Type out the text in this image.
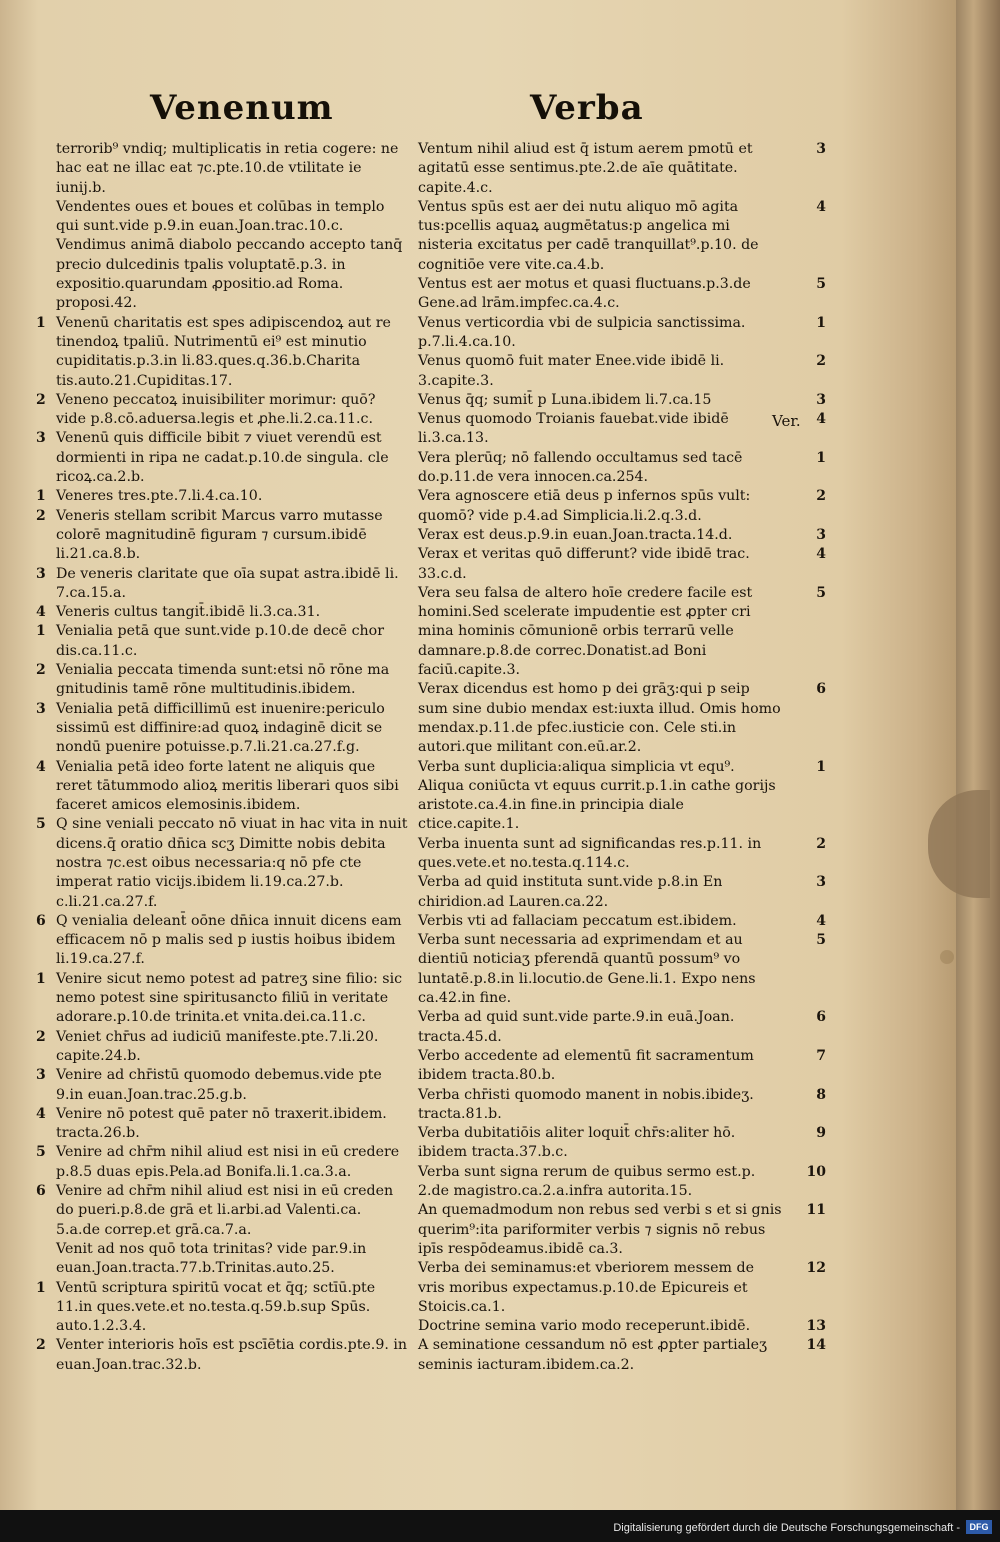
Venenum	Verba
terrorib⁹ vndiq; multiplicatis in retia cogere: ne hac eat ne illac eat ⁊c.pte.10.de vtilitate ie iunij.b.
Vendentes oues et boues et colūbas in templo qui sunt.vide p.9.in euan.Joan.trac.10.c.
Vendimus animā diabolo peccando accepto tanq̄ precio dulcedinis tpalis voluptatē.p.3. in expositio.quarundam ꝓpositio.ad Roma. proposi.42.
1 Venenū charitatis est spes adipiscendoꝝ aut re tinendoꝝ tpaliū. Nutrimentū ei⁹ est minutio cupiditatis.p.3.in li.83.ques.q.36.b.Charita tis.auto.21.Cupiditas.17.
2 Veneno peccatoꝝ inuisibiliter morimur: quō? vide p.8.cō.aduersa.legis et ꝓhe.li.2.ca.11.c.
3 Venenū quis difficile bibit ⁊ viuet verendū est dormienti in ripa ne cadat.p.10.de singula. cle ricoꝝ.ca.2.b.
1 Veneres tres.pte.7.li.4.ca.10.
2 Veneris stellam scribit Marcus varro mutasse colorē magnitudinē figuram ⁊ cursum.ibidē li.21.ca.8.b.
3 De veneris claritate que oīa supat astra.ibidē li. 7.ca.15.a.
4 Veneris cultus tangit̄.ibidē li.3.ca.31.
1 Venialia petā que sunt.vide p.10.de decē chor dis.ca.11.c.
2 Venialia peccata timenda sunt:etsi nō rōne ma gnitudinis tamē rōne multitudinis.ibidem.
3 Venialia petā difficillimū est inuenire:periculo sissimū est diffinire:ad quoꝝ indaginē dicit se nondū puenire potuisse.p.7.li.21.ca.27.f.g.
4 Venialia petā ideo forte latent ne aliquis que reret tātummodo alioꝝ meritis liberari quos sibi faceret amicos elemosinis.ibidem.
5 Q sine veniali peccato nō viuat in hac vita in nuit dicens.q̄ oratio dn̄ica scʒ Dimitte nobis debita nostra ⁊c.est oibus necessaria:q nō pfe cte imperat ratio vicijs.ibidem li.19.ca.27.b. c.li.21.ca.27.f.
6 Q venialia deleant̄ oōne dn̄ica innuit dicens eam efficacem nō p malis sed p iustis hoibus ibidem li.19.ca.27.f.
1 Venire sicut nemo potest ad patreʒ sine filio: sic nemo potest sine spiritusancto filiū in veritate adorare.p.10.de trinita.et vnita.dei.ca.11.c.
2 Veniet chr̄us ad iudiciū manifeste.pte.7.li.20. capite.24.b.
3 Venire ad chr̄istū quomodo debemus.vide pte 9.in euan.Joan.trac.25.g.b.
4 Venire nō potest quē pater nō traxerit.ibidem. tracta.26.b.
5 Venire ad chr̄m nihil aliud est nisi in eū credere p.8.5 duas epis.Pela.ad Bonifa.li.1.ca.3.a.
6 Venire ad chr̄m nihil aliud est nisi in eū creden do pueri.p.8.de grā et li.arbi.ad Valenti.ca. 5.a.de correp.et grā.ca.7.a.
Venit ad nos quō tota trinitas? vide par.9.in euan.Joan.tracta.77.b.Trinitas.auto.25.
1 Ventū scriptura spiritū vocat et q̄q; sctīū.pte 11.in ques.vete.et no.testa.q.59.b.sup Spūs. auto.1.2.3.4.
2 Venter interioris hoīs est pscīētia cordis.pte.9. in euan.Joan.trac.32.b.
3
Ventum nihil aliud est q̄ istum aerem pmotū et agitatū esse sentimus.pte.2.de aīe quātitate. capite.4.c.
4
Ventus spūs est aer dei nutu aliquo mō agita tus:pcellis aquaꝝ augmētatus:p angelica mi nisteria excitatus per cadē tranquillat⁹.p.10. de cognitiōe vere vite.ca.4.b.
5
Ventus est aer motus et quasi fluctuans.p.3.de Gene.ad lrām.impfec.ca.4.c.
1
Venus verticordia vbi de sulpicia sanctissima. p.7.li.4.ca.10.
2
Venus quomō fuit mater Enee.vide ibidē li. 3.capite.3.
3
Venus q̄q; sumit̄ p Luna.ibidem li.7.ca.15
4
Venus quomodo Troianis fauebat.vide ibidē li.3.ca.13.
1
Vera plerūq; nō fallendo occultamus sed tacē do.p.11.de vera innocen.ca.254.
2
Vera agnoscere etiā deus p infernos spūs vult: quomō? vide p.4.ad Simplicia.li.2.q.3.d.
3
Verax est deus.p.9.in euan.Joan.tracta.14.d.
4
Verax et veritas quō differunt? vide ibidē trac. 33.c.d.
5
Vera seu falsa de altero hoīe credere facile est homini.Sed scelerate impudentie est ꝓpter cri mina hominis cōmunionē orbis terrarū velle damnare.p.8.de correc.Donatist.ad Boni faciū.capite.3.
6
Verax dicendus est homo p dei grāʒ:qui p seip sum sine dubio mendax est:iuxta illud. Omis homo mendax.p.11.de pfec.iusticie con. Cele sti.in autori.que militant con.eū.ar.2.
1
Verba sunt duplicia:aliqua simplicia vt equ⁹. Aliqua coniūcta vt equus currit.p.1.in cathe gorijs aristote.ca.4.in fine.in principia diale ctice.capite.1.
2
Verba inuenta sunt ad significandas res.p.11. in ques.vete.et no.testa.q.114.c.
3
Verba ad quid instituta sunt.vide p.8.in En chiridion.ad Lauren.ca.22.
4
Verbis vti ad fallaciam peccatum est.ibidem.
5
Verba sunt necessaria ad exprimendam et au dientiū noticiaʒ pferendā quantū possum⁹ vo luntatē.p.8.in li.locutio.de Gene.li.1. Expo nens ca.42.in fine.
6
Verba ad quid sunt.vide parte.9.in euā.Joan. tracta.45.d.
7
Verbo accedente ad elementū fit sacramentum ibidem tracta.80.b.
8
Verba chr̄isti quomodo manent in nobis.ibideʒ. tracta.81.b.
9
Verba dubitatiōis aliter loquit̄ chr̄s:aliter hō. ibidem tracta.37.b.c.
10
Verba sunt signa rerum de quibus sermo est.p. 2.de magistro.ca.2.a.infra autorita.15.
11
An quemadmodum non rebus sed verbi s et si gnis querim⁹:ita pariformiter verbis ⁊ signis nō rebus ipīs respōdeamus.ibidē ca.3.
12
Verba dei seminamus:et vberiorem messem de vris moribus expectamus.p.10.de Epicureis et Stoicis.ca.1.
13
Doctrine semina vario modo receperunt.ibidē.
14
A seminatione cessandum nō est ꝓpter partialeʒ seminis iacturam.ibidem.ca.2.
Ver.
Digitalisierung gefördert durch die Deutsche Forschungsgemeinschaft -	DFG
